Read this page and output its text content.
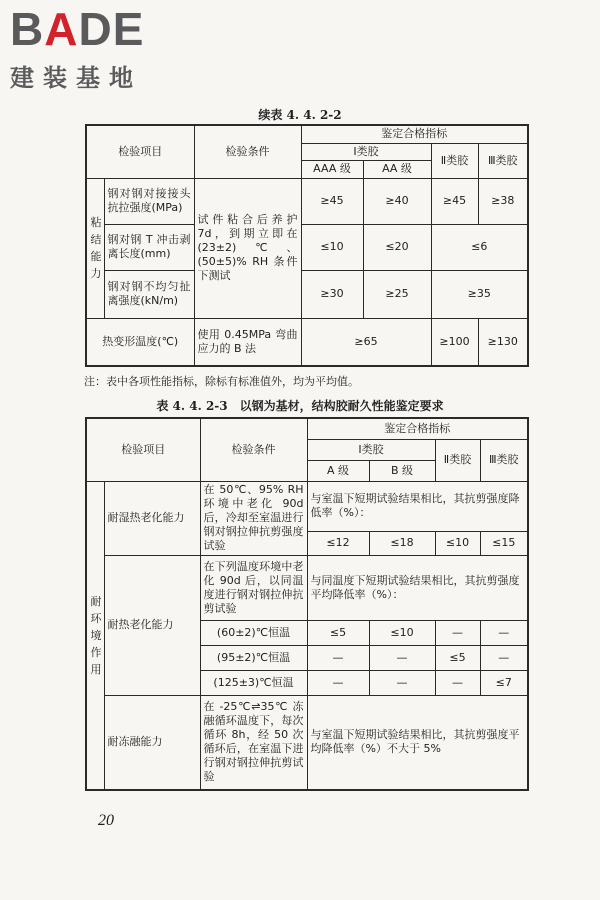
BADE
建装基地
续表 4. 4. 2-2
检验项目		检验条件	鉴定合格指标			
			Ⅰ类胶		Ⅱ类胶	Ⅲ类胶
			AAA 级	AA 级		
粘结能力	钢对钢对接接头抗拉强度(MPa)	试件粘合后养护 7d，到期立即在(23±2)℃、(50±5)% RH 条件下测试	≥45	≥40	≥45	≥38
	钢对钢 T 冲击剥离长度(mm)		≤10	≤20	≤6	
	钢对钢不均匀扯离强度(kN/m)		≥30	≥25	≥35	
热变形温度(℃)		使用 0.45MPa 弯曲应力的 B 法	≥65		≥100	≥130
注：表中各项性能指标，除标有标准值外，均为平均值。
表 4. 4. 2-3　以钢为基材，结构胶耐久性能鉴定要求
检验项目		检验条件	鉴定合格指标			
			Ⅰ类胶		Ⅱ类胶	Ⅲ类胶
			A 级	B 级		
耐环境作用	耐湿热老化能力	在 50℃、95% RH 环境中老化 90d 后，冷却至室温进行钢对钢拉伸抗剪强度试验	与室温下短期试验结果相比，其抗剪强度降低率（%）：			
			≤12	≤18	≤10	≤15
	耐热老化能力	在下列温度环境中老化 90d 后，以同温度进行钢对钢拉伸抗剪试验	与同温度下短期试验结果相比，其抗剪强度平均降低率（%）：			
		(60±2)℃恒温	≤5	≤10	—	—
		(95±2)℃恒温	—	—	≤5	—
		(125±3)℃恒温	—	—	—	≤7
	耐冻融能力	在 -25℃⇌35℃ 冻融循环温度下，每次循环 8h，经 50 次循环后，在室温下进行钢对钢拉伸抗剪试验	与室温下短期试验结果相比，其抗剪强度平均降低率（%）不大于 5%			
20
